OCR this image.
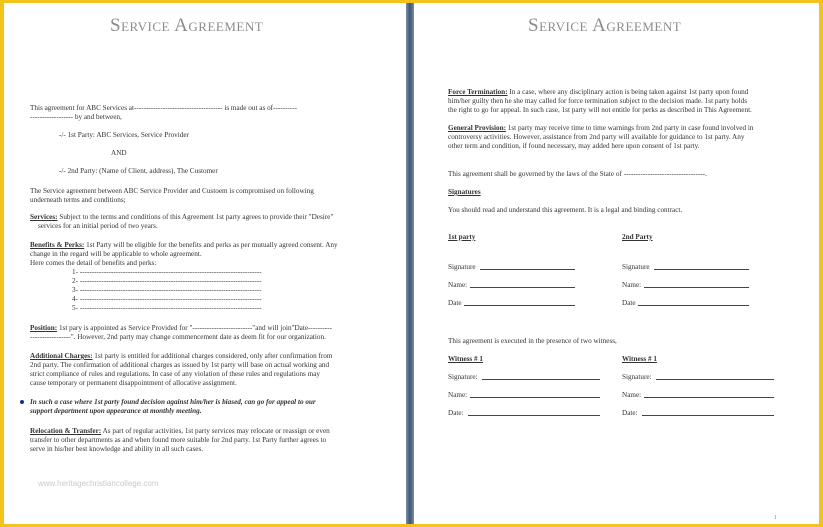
Service Agreement
This agreement for ABC Services at------------------------------------- is made out as of----------
------------------ by and between,
-/- 1st Party: ABC Services, Service Provider
AND
-/- 2nd Party: (Name of Client, address), The Customer
The Service agreement between ABC Service Provider and Custoem is compromised on following
underneath terms and conditions;
Services: Subject to the terms and conditions of this Agreement 1st party agrees to provide their "Desire"
services for an initial period of two years.
Benefits & Perks: 1st Party will be eligible for the benefits and perks as per mutually agreed consent. Any
change in the regard will be applicable to whole agreement.
Here comes the detail of benefits and perks:
1- ----------------------------------------------------------------------------
2- ----------------------------------------------------------------------------
3- ----------------------------------------------------------------------------
4- ----------------------------------------------------------------------------
5- ----------------------------------------------------------------------------
Position: 1st pary is appointed as Service Provided for "-------------------------"and will join"Date----------
-----------------". However, 2nd party may change commencement date as deem fit for our organization.
Additional Charges: 1st party is entitled for additional charges considered, only after confirmation from
2nd party. The confirmation of additional charges as issued by 1st party will base on actual working and
strict compliance of rules and regulations. In case of any violation of these rules and regulations may
cause temporary or permanent disappointment of allocative assignment.
In such a case where 1st party found decision against him/her is biased, can go for appeal to our
support department upon appearance at monthly meeting.
Relocation & Transfer: As part of regular activities, 1st party services may relocate or reassign or even
transfer to other departments as and when found more suitable for 2nd party. 1st Party further agrees to
serve in his/her best knowledge and ability in all such cases.
www.heritagechristiancollege.com
Service Agreement
Force Termination: In a case, where any disciplinary action is being taken against 1st party upon found
him/her guilty then he she may called for force termination subject to the decision made. 1st party holds
the right to go for appeal. In such case, 1st party will not entitle for perks as described in This Agreement.
General Provision: 1st party may receive time to time warnings from 2nd party in case found involved in
controversy activities. However, assistance from 2nd party will available for guidance to 1st party. Any
other term and condition, if found necessary, may added here upon consent of 1st party.
This agreement shall be governed by the laws of the State of ----------------------------------.
Signatures
You should read and understand this agreement. It is a legal and binding contract.
1st party	2nd Party
Signature	Signature
Name:	Name:
Date	Date
This agreement is executed in the presence of two witness,
Witness # 1	Witness # 1
Signature:	Signature:
Name:	Name:
Date:	Date:
1
